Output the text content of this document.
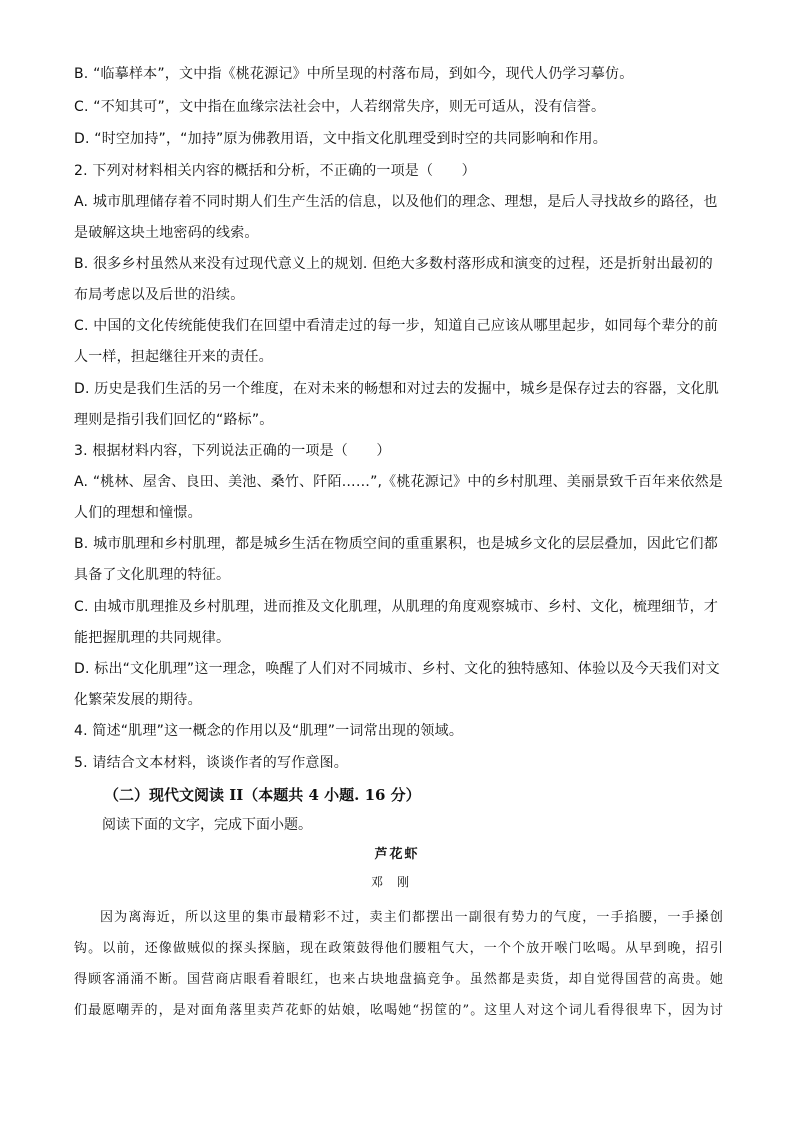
B. “临摹样本”，文中指《桃花源记》中所呈现的村落布局，到如今，现代人仍学习摹仿。
C. “不知其可”，文中指在血缘宗法社会中，人若纲常失序，则无可适从，没有信誉。
D. “时空加持”，“加持”原为佛教用语，文中指文化肌理受到时空的共同影响和作用。
2. 下列对材料相关内容的概括和分析，不正确的一项是（　　）
A. 城市肌理储存着不同时期人们生产生活的信息，以及他们的理念、理想，是后人寻找故乡的路径，也是破解这块土地密码的线索。
B. 很多乡村虽然从来没有过现代意义上的规划. 但绝大多数村落形成和演变的过程，还是折射出最初的布局考虑以及后世的沿续。
C. 中国的文化传统能使我们在回望中看清走过的每一步，知道自己应该从哪里起步，如同每个辈分的前人一样，担起继往开来的责任。
D. 历史是我们生活的另一个维度，在对未来的畅想和对过去的发掘中，城乡是保存过去的容器，文化肌理则是指引我们回忆的“路标”。
3. 根据材料内容，下列说法正确的一项是（　　）
A. “桃林、屋舍、良田、美池、桑竹、阡陌……”,《桃花源记》中的乡村肌理、美丽景致千百年来依然是人们的理想和憧憬。
B. 城市肌理和乡村肌理，都是城乡生活在物质空间的重重累积，也是城乡文化的层层叠加，因此它们都具备了文化肌理的特征。
C. 由城市肌理推及乡村肌理，进而推及文化肌理，从肌理的角度观察城市、乡村、文化，梳理细节，才能把握肌理的共同规律。
D. 标出“文化肌理”这一理念，唤醒了人们对不同城市、乡村、文化的独特感知、体验以及今天我们对文化繁荣发展的期待。
4. 简述“肌理”这一概念的作用以及“肌理”一词常出现的领域。
5. 请结合文本材料，谈谈作者的写作意图。
（二）现代文阅读 II（本题共 4 小题. 16 分）
阅读下面的文字，完成下面小题。
芦花虾
邓刚
因为离海近，所以这里的集市最精彩不过，卖主们都摆出一副很有势力的气度，一手掐腰，一手搡创钩。以前，还像做贼似的探头探脑，现在政策鼓得他们腰粗气大，一个个放开喉门吆喝。从早到晚，招引得顾客涌涌不断。国营商店眼看着眼红，也来占块地盘搞竞争。虽然都是卖货，却自觉得国营的高贵。她们最愿嘲弄的，是对面角落里卖芦花虾的姑娘，吆喝她“拐筐的”。这里人对这个词儿看得很卑下，因为讨
